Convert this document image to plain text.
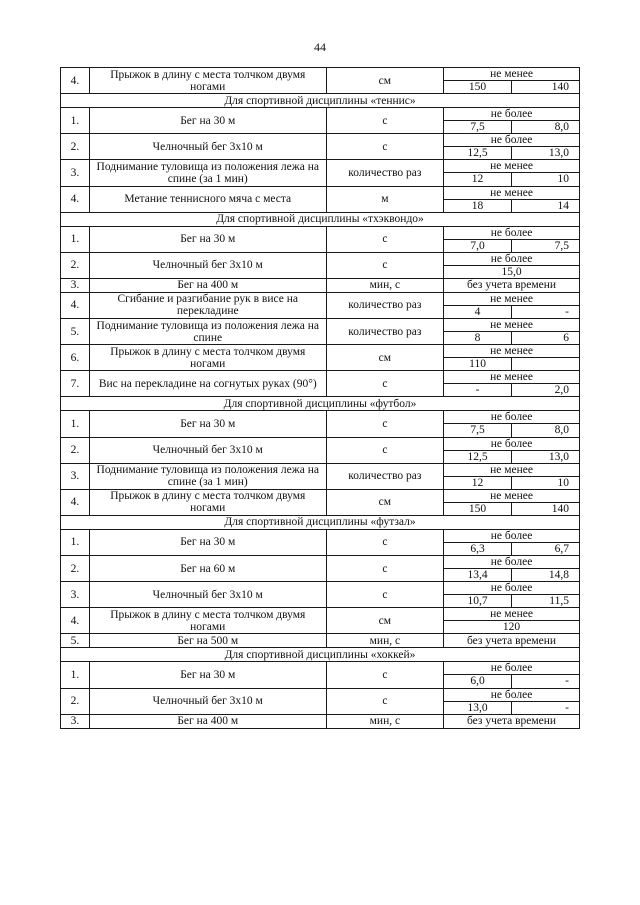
44

4.	Прыжок в длину с места толчком двумя ногами	см	не менее	
			150	140
Для спортивной дисциплины «теннис»				
1.	Бег на 30 м	с	не более	
			7,5	8,0
2.	Челночный бег 3х10 м	с	не более	
			12,5	13,0
3.	Поднимание туловища из положения лежа на спине (за 1 мин)	количество раз	не менее	
			12	10
4.	Метание теннисного мяча с места	м	не менее	
			18	14
Для спортивной дисциплины «тхэквондо»				
1.	Бег на 30 м	с	не более	
			7,0	7,5
2.	Челночный бег 3х10 м	с	не более	
			15,0	
3.	Бег на 400 м	мин, с	без учета времени	
4.	Сгибание и разгибание рук в висе на перекладине	количество раз	не менее	
			4	-
5.	Поднимание туловища из положения лежа на спине	количество раз	не менее	
			8	6
6.	Прыжок в длину с места толчком двумя ногами	см	не менее	
			110	
7.	Вис на перекладине на согнутых руках (90°)	с	не менее	
			-	2,0
Для спортивной дисциплины «футбол»				
1.	Бег на 30 м	с	не более	
			7,5	8,0
2.	Челночный бег 3х10 м	с	не более	
			12,5	13,0
3.	Поднимание туловища из положения лежа на спине (за 1 мин)	количество раз	не менее	
			12	10
4.	Прыжок в длину с места толчком двумя ногами	см	не менее	
			150	140
Для спортивной дисциплины «футзал»				
1.	Бег на 30 м	с	не более	
			6,3	6,7
2.	Бег на 60 м	с	не более	
			13,4	14,8
3.	Челночный бег 3х10 м	с	не более	
			10,7	11,5
4.	Прыжок в длину с места толчком двумя ногами	см	не менее	
			120	
5.	Бег на 500 м	мин, с	без учета времени	
Для спортивной дисциплины «хоккей»				
1.	Бег на 30 м	с	не более	
			6,0	-
2.	Челночный бег 3х10 м	с	не более	
			13,0	-
3.	Бег на 400 м	мин, с	без учета времени	
